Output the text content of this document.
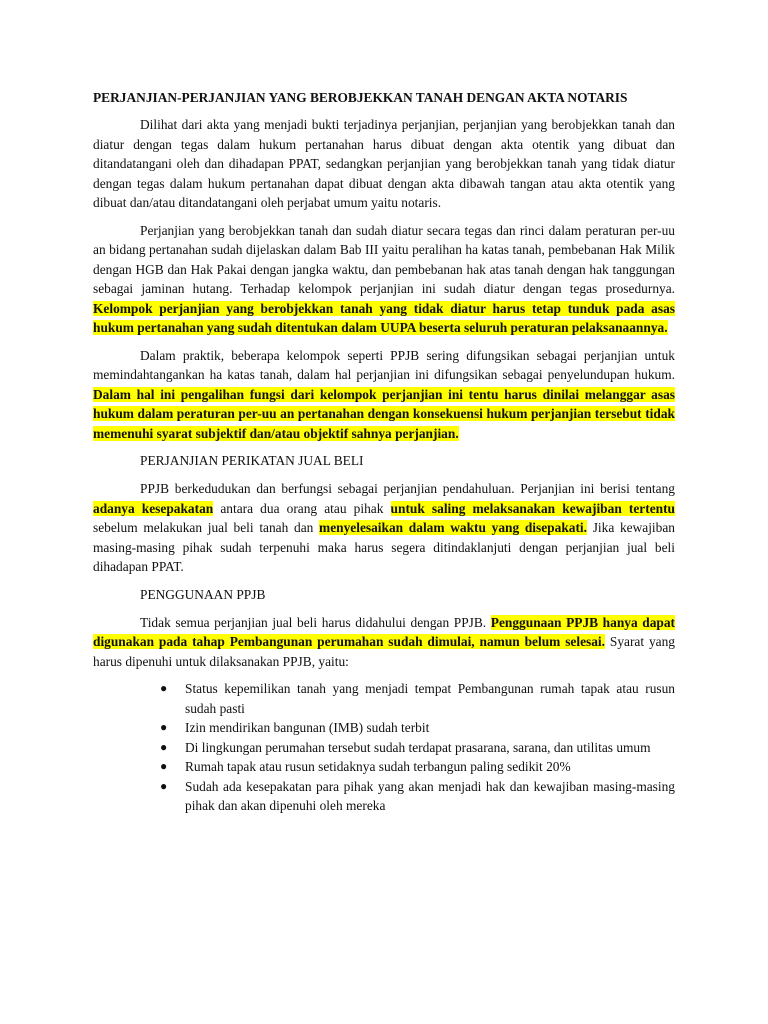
PERJANJIAN-PERJANJIAN YANG BEROBJEKKAN TANAH DENGAN AKTA NOTARIS

Dilihat dari akta yang menjadi bukti terjadinya perjanjian, perjanjian yang berobjekkan tanah dan diatur dengan tegas dalam hukum pertanahan harus dibuat dengan akta otentik yang dibuat dan ditandatangani oleh dan dihadapan PPAT, sedangkan perjanjian yang berobjekkan tanah yang tidak diatur dengan tegas dalam hukum pertanahan dapat dibuat dengan akta dibawah tangan atau akta otentik yang dibuat dan/atau ditandatangani oleh perjabat umum yaitu notaris.

Perjanjian yang berobjekkan tanah dan sudah diatur secara tegas dan rinci dalam peraturan per-uu an bidang pertanahan sudah dijelaskan dalam Bab III yaitu peralihan ha katas tanah, pembebanan Hak Milik dengan HGB dan Hak Pakai dengan jangka waktu, dan pembebanan hak atas tanah dengan hak tanggungan sebagai jaminan hutang. Terhadap kelompok perjanjian ini sudah diatur dengan tegas prosedurnya. Kelompok perjanjian yang berobjekkan tanah yang tidak diatur harus tetap tunduk pada asas hukum pertanahan yang sudah ditentukan dalam UUPA beserta seluruh peraturan pelaksanaannya.

Dalam praktik, beberapa kelompok seperti PPJB sering difungsikan sebagai perjanjian untuk memindahtangankan ha katas tanah, dalam hal perjanjian ini difungsikan sebagai penyelundupan hukum. Dalam hal ini pengalihan fungsi dari kelompok perjanjian ini tentu harus dinilai melanggar asas hukum dalam peraturan per-uu an pertanahan dengan konsekuensi hukum perjanjian tersebut tidak memenuhi syarat subjektif dan/atau objektif sahnya perjanjian.

PERJANJIAN PERIKATAN JUAL BELI

PPJB berkedudukan dan berfungsi sebagai perjanjian pendahuluan. Perjanjian ini berisi tentang adanya kesepakatan antara dua orang atau pihak untuk saling melaksanakan kewajiban tertentu sebelum melakukan jual beli tanah dan menyelesaikan dalam waktu yang disepakati. Jika kewajiban masing-masing pihak sudah terpenuhi maka harus segera ditindaklanjuti dengan perjanjian jual beli dihadapan PPAT.

PENGGUNAAN PPJB

Tidak semua perjanjian jual beli harus didahului dengan PPJB. Penggunaan PPJB hanya dapat digunakan pada tahap Pembangunan perumahan sudah dimulai, namun belum selesai. Syarat yang harus dipenuhi untuk dilaksanakan PPJB, yaitu:

● Status kepemilikan tanah yang menjadi tempat Pembangunan rumah tapak atau rusun sudah pasti
● Izin mendirikan bangunan (IMB) sudah terbit
● Di lingkungan perumahan tersebut sudah terdapat prasarana, sarana, dan utilitas umum
● Rumah tapak atau rusun setidaknya sudah terbangun paling sedikit 20%
● Sudah ada kesepakatan para pihak yang akan menjadi hak dan kewajiban masing-masing pihak dan akan dipenuhi oleh mereka
